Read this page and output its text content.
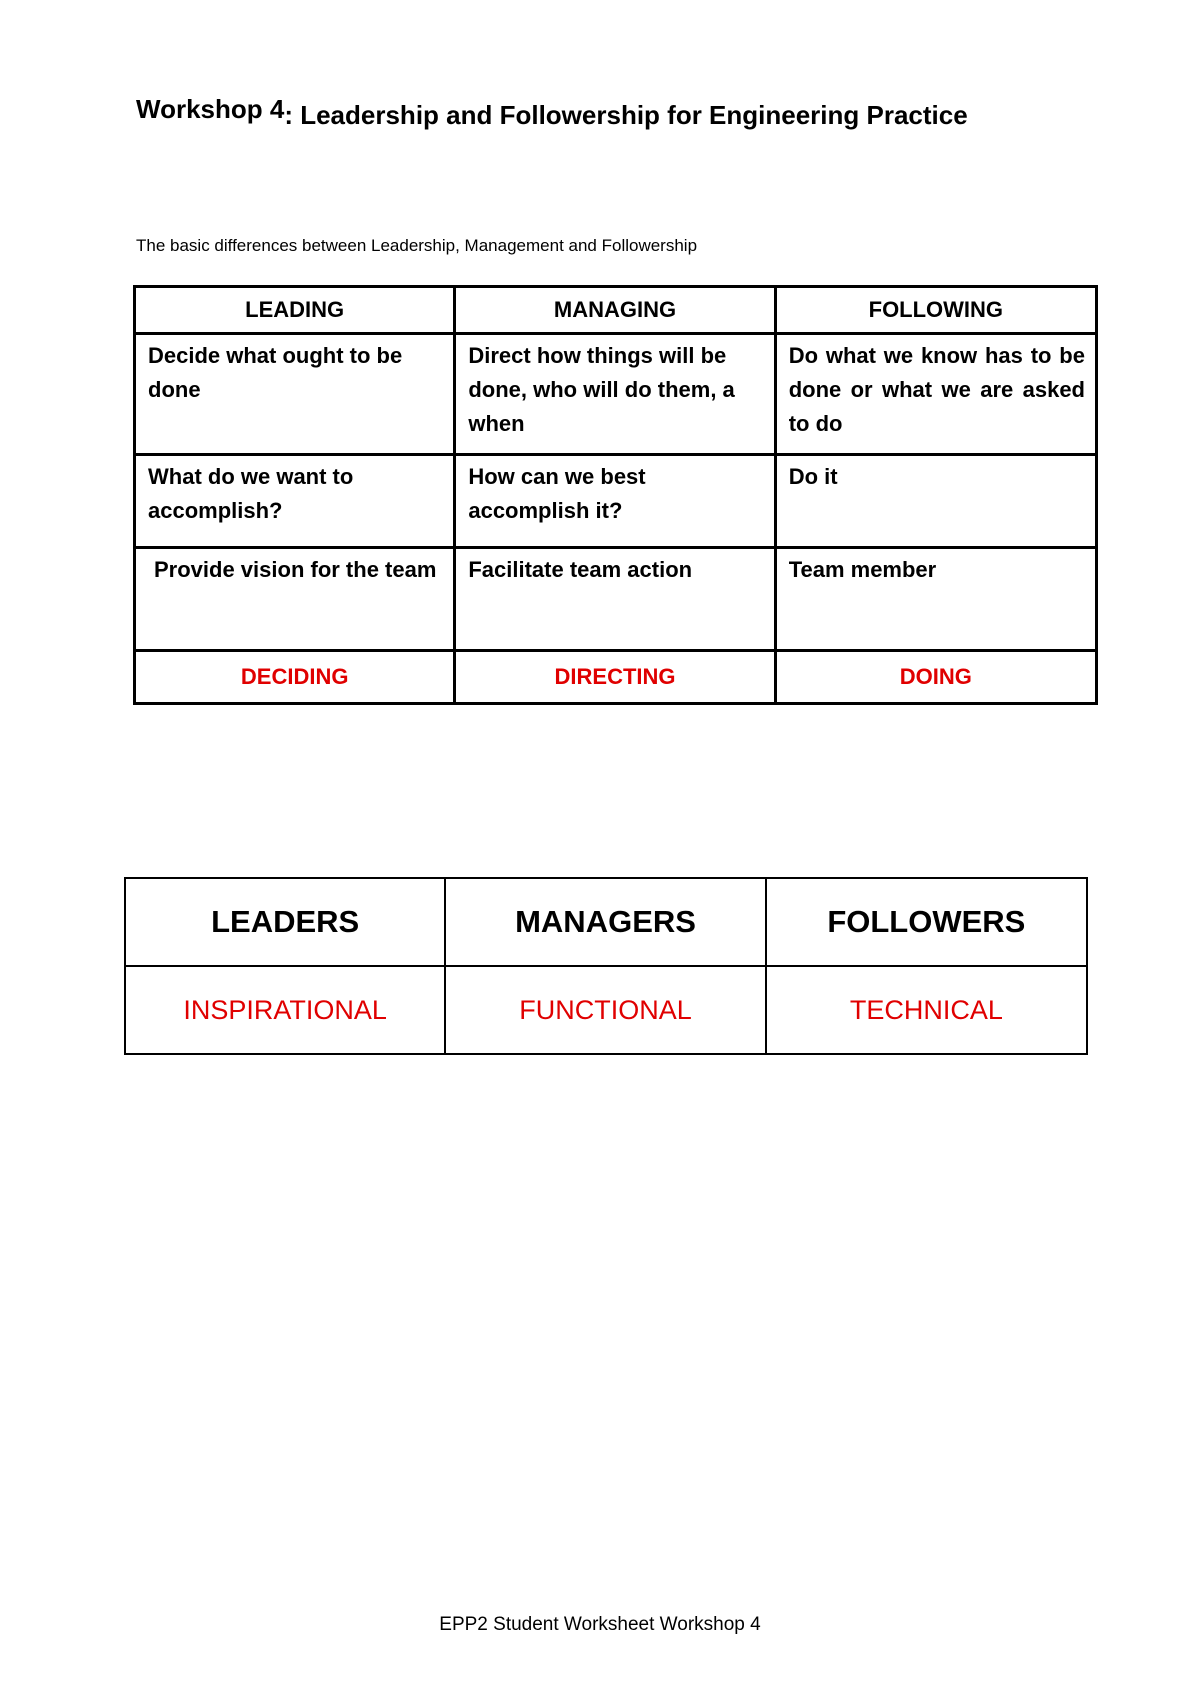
Workshop 4: Leadership and Followership for Engineering Practice
The basic differences between Leadership, Management and Followership
LEADING	MANAGING	FOLLOWING
Decide what ought to be done	Direct how things will be done, who will do them, a when	Do what we know has to be done or what we are asked to do
What do we want to accomplish?	How can we best accomplish it?	Do it
Provide vision for the team	Facilitate team action	Team member
DECIDING	DIRECTING	DOING
LEADERS	MANAGERS	FOLLOWERS
INSPIRATIONAL	FUNCTIONAL	TECHNICAL
EPP2 Student Worksheet Workshop 4
